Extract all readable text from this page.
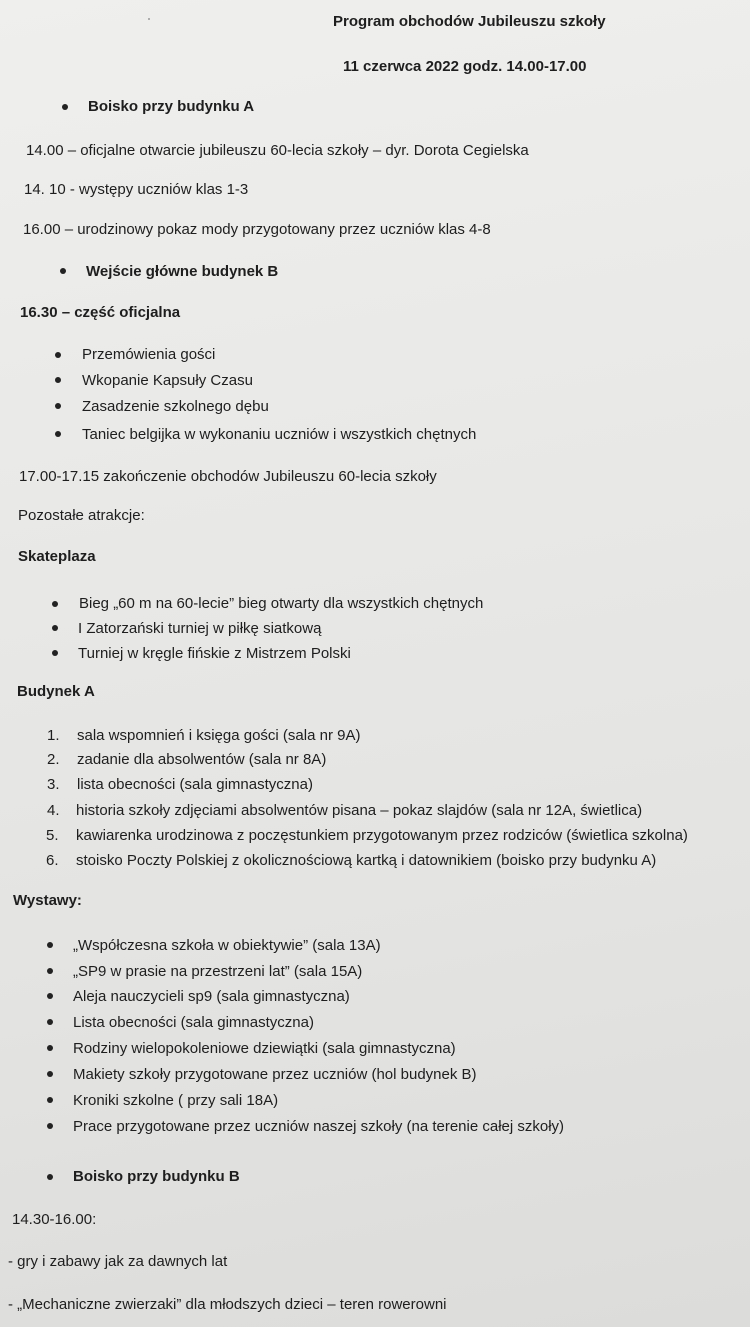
Program obchodów Jubileuszu szkoły
11 czerwca 2022 godz. 14.00-17.00
Boisko przy budynku A
14.00 – oficjalne otwarcie jubileuszu 60-lecia szkoły – dyr. Dorota Cegielska
14. 10 - występy uczniów klas 1-3
16.00 – urodzinowy pokaz mody przygotowany przez uczniów klas 4-8
Wejście główne budynek B
16.30 – część oficjalna
Przemówienia gości
Wkopanie Kapsuły Czasu
Zasadzenie szkolnego dębu
Taniec belgijka w wykonaniu uczniów i wszystkich chętnych
17.00-17.15 zakończenie obchodów Jubileuszu 60-lecia szkoły
Pozostałe atrakcje:
Skateplaza
Bieg „60 m na 60-lecie” bieg otwarty dla wszystkich chętnych
I Zatorzański turniej w piłkę siatkową
Turniej w kręgle fińskie z Mistrzem Polski
Budynek A
1. sala wspomnień i księga gości (sala nr 9A)
2. zadanie dla absolwentów (sala nr 8A)
3. lista obecności (sala gimnastyczna)
4. historia szkoły zdjęciami absolwentów pisana – pokaz slajdów (sala nr 12A, świetlica)
5. kawiarenka urodzinowa z poczęstunkiem przygotowanym przez rodziców (świetlica szkolna)
6. stoisko Poczty Polskiej z okolicznościową kartką i datownikiem (boisko przy budynku A)
Wystawy:
„Współczesna szkoła w obiektywie” (sala 13A)
„SP9 w prasie na przestrzeni lat” (sala 15A)
Aleja nauczycieli sp9 (sala gimnastyczna)
Lista obecności (sala gimnastyczna)
Rodziny wielopokoleniowe dziewiątki (sala gimnastyczna)
Makiety szkoły przygotowane przez uczniów (hol budynek B)
Kroniki szkolne ( przy sali 18A)
Prace przygotowane przez uczniów naszej szkoły (na terenie całej szkoły)
Boisko przy budynku B
14.30-16.00:
- gry i zabawy jak za dawnych lat
- „Mechaniczne zwierzaki” dla młodszych dzieci – teren rowerowni
